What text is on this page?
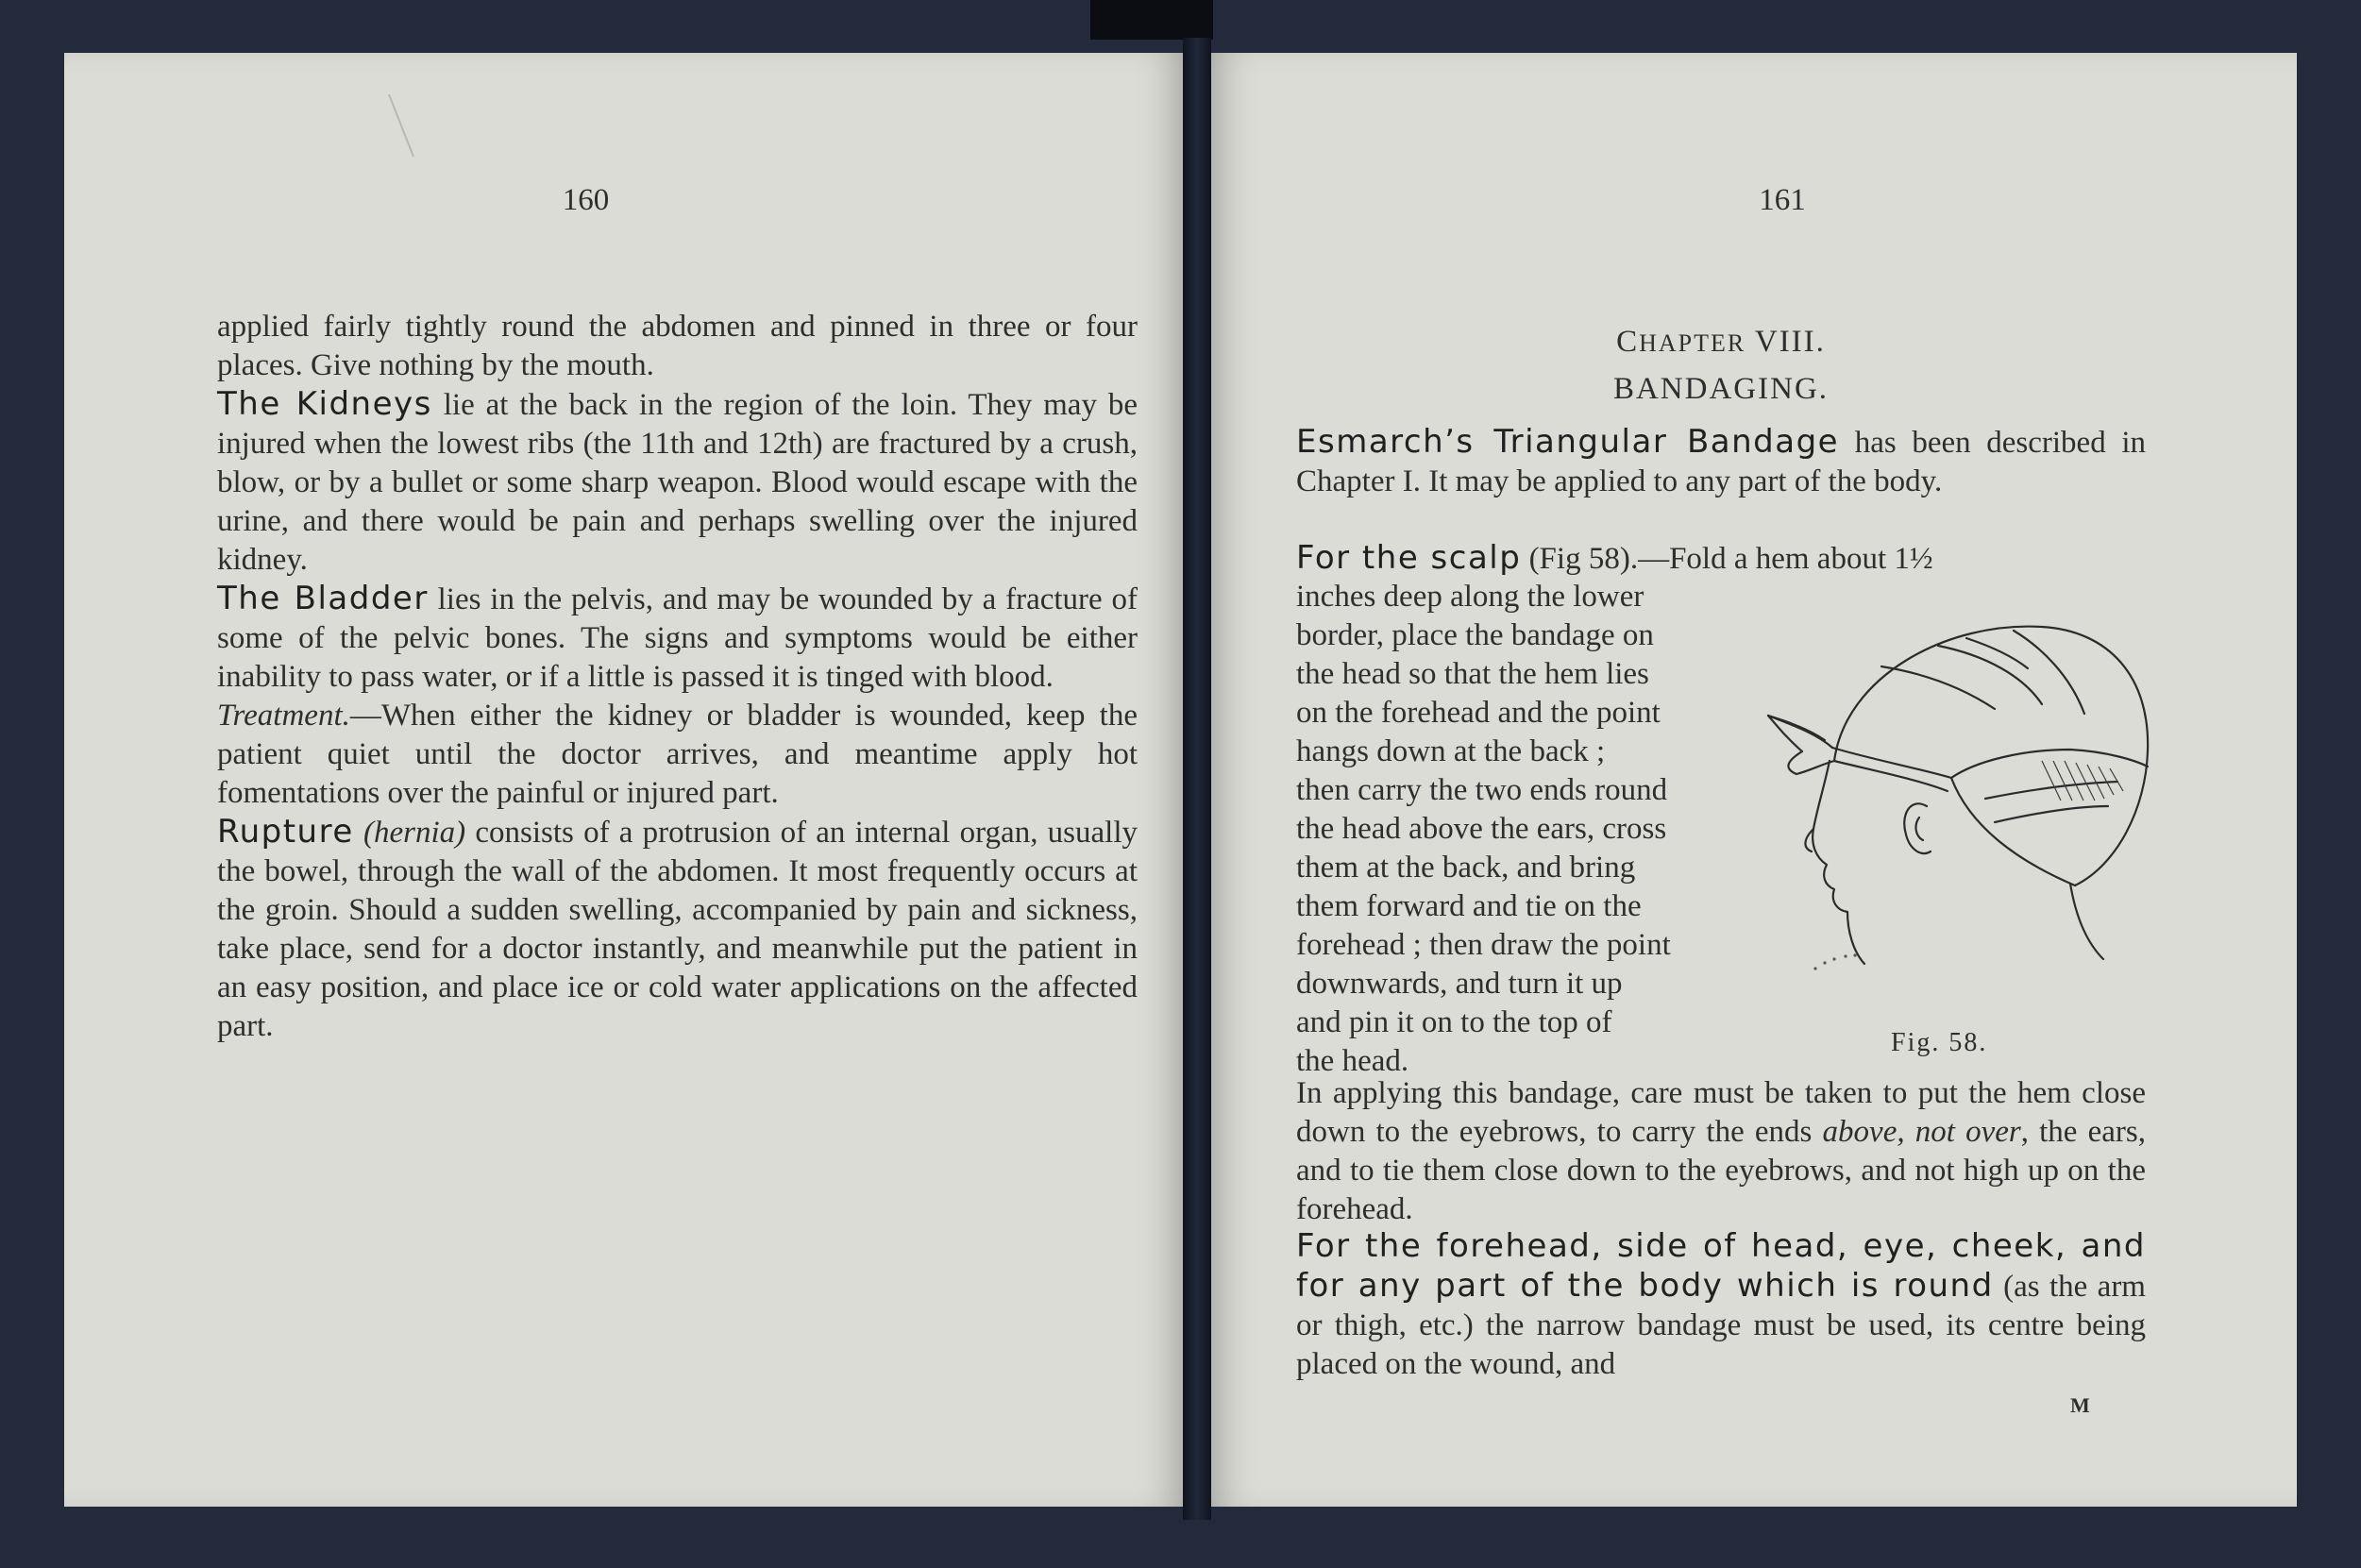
160

applied fairly tightly round the abdomen and pinned in three or four places. Give nothing by the mouth.

The Kidneys lie at the back in the region of the loin. They may be injured when the lowest ribs (the 11th and 12th) are fractured by a crush, blow, or by a bullet or some sharp weapon. Blood would escape with the urine, and there would be pain and perhaps swelling over the injured kidney.

The Bladder lies in the pelvis, and may be wounded by a fracture of some of the pelvic bones. The signs and symptoms would be either inability to pass water, or if a little is passed it is tinged with blood.

Treatment.—When either the kidney or bladder is wounded, keep the patient quiet until the doctor arrives, and meantime apply hot fomentations over the painful or injured part.

Rupture (hernia) consists of a protrusion of an internal organ, usually the bowel, through the wall of the abdomen. It most frequently occurs at the groin. Should a sudden swelling, accompanied by pain and sickness, take place, send for a doctor instantly, and meanwhile put the patient in an easy position, and place ice or cold water applications on the affected part.

161
CHAPTER VIII.
BANDAGING.

Esmarch’s Triangular Bandage has been described in Chapter I. It may be applied to any part of the body.

For the scalp (Fig 58).—Fold a hem about 1½

inches deep along the lower
border, place the bandage on
the head so that the hem lies
on the forehead and the point
hangs down at the back ;
then carry the two ends round
the head above the ears, cross
them at the back, and bring
them forward and tie on the
forehead ; then draw the point
downwards, and turn it up
and pin it on to the top of
the head.
Fig. 58.

In applying this bandage, care must be taken to put the hem close down to the eyebrows, to carry the ends above, not over, the ears, and to tie them close down to the eyebrows, and not high up on the forehead.

For the forehead, side of head, eye, cheek, and for any part of the body which is round (as the arm or thigh, etc.) the narrow bandage must be used, its centre being placed on the wound, and

M
